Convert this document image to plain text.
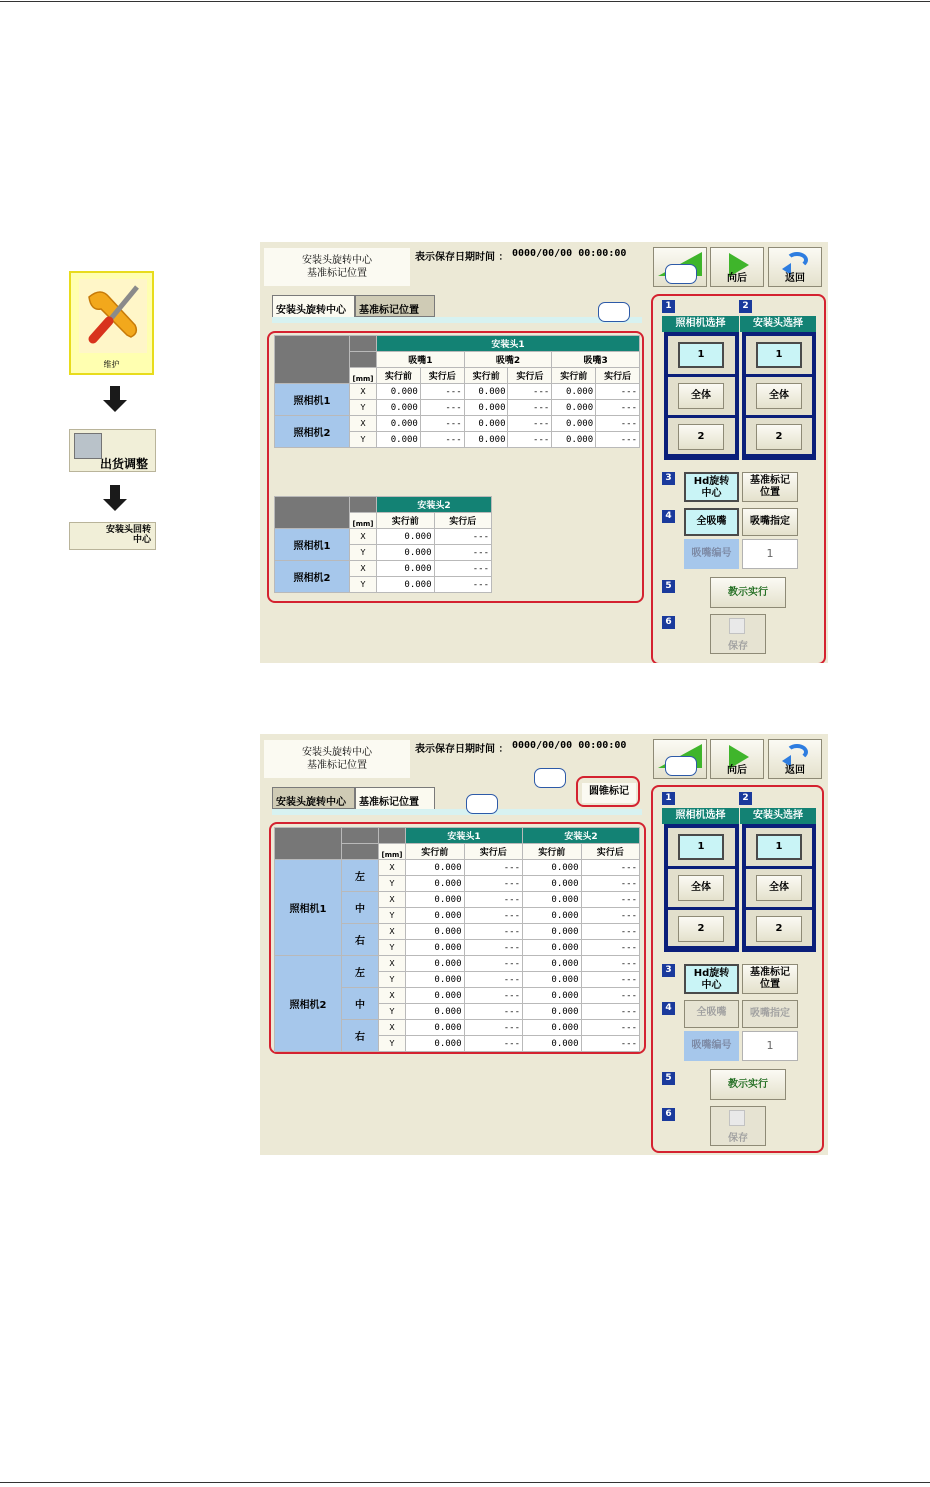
维护
出货调整
安装头回转
中心
安装头旋转中心
基准标记位置
表示保存日期时间 ： 0000/00/00 00:00:00
向后	返回
安装头旋转中心	基准标记位置
		安装头1					
		吸嘴1		吸嘴2		吸嘴3	
	[mm]	实行前	实行后	实行前	实行后	实行前	实行后
照相机1	X	0.000	---	0.000	---	0.000	---
	Y	0.000	---	0.000	---	0.000	---
照相机2	X	0.000	---	0.000	---	0.000	---
	Y	0.000	---	0.000	---	0.000	---
		安装头2	
	[mm]	实行前	实行后
照相机1	X	0.000	---
	Y	0.000	---
照相机2	X	0.000	---
	Y	0.000	---
1	2
3
4
5
6
照相机选择	安装头选择
1
全体
2
1
全体
2
Hd旋转
中心
基准标记
位置
全吸嘴	吸嘴指定
吸嘴编号	1
教示实行
保存
安装头旋转中心
基准标记位置
表示保存日期时间 ： 0000/00/00 00:00:00
向后	返回
安装头旋转中心	基准标记位置
圆锥标记
			安装头1		安装头2	
		[mm]	实行前	实行后	实行前	实行后
照相机1	左	X	0.000	---	0.000	---
		Y	0.000	---	0.000	---
	中	X	0.000	---	0.000	---
		Y	0.000	---	0.000	---
	右	X	0.000	---	0.000	---
		Y	0.000	---	0.000	---
照相机2	左	X	0.000	---	0.000	---
		Y	0.000	---	0.000	---
	中	X	0.000	---	0.000	---
		Y	0.000	---	0.000	---
	右	X	0.000	---	0.000	---
		Y	0.000	---	0.000	---
1	2
3
4
5
6
照相机选择	安装头选择
1
全体
2
1
全体
2
Hd旋转
中心
基准标记
位置
全吸嘴	吸嘴指定
吸嘴编号	1
教示实行
保存
